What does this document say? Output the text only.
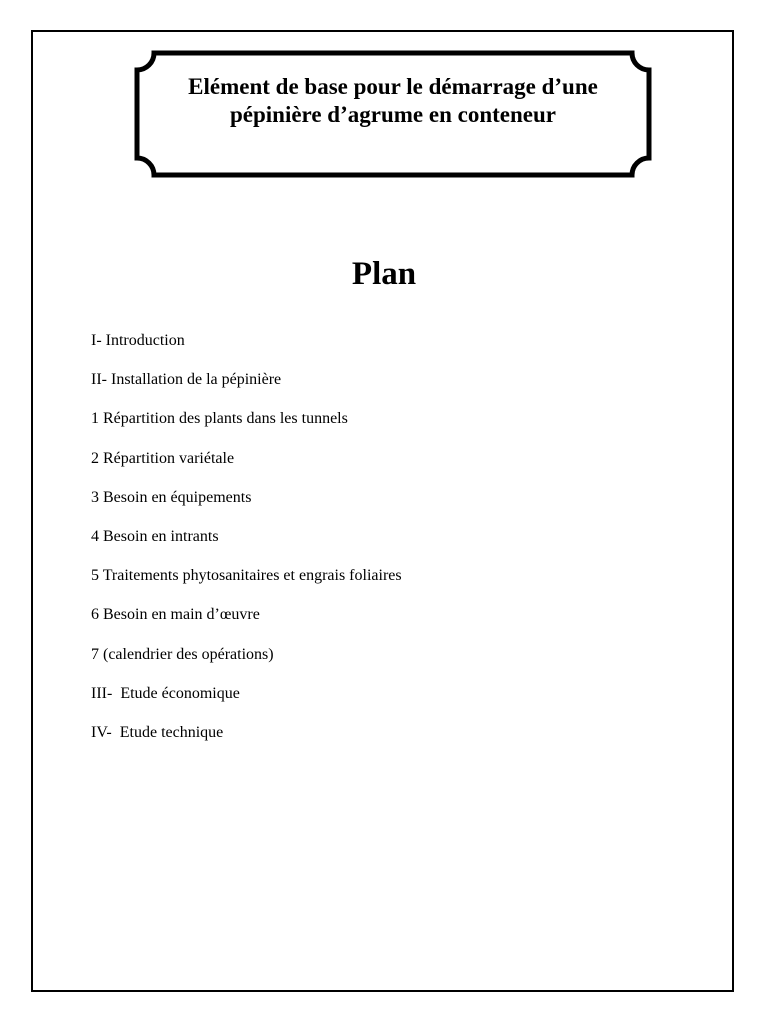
Elément de base pour le démarrage d’une
pépinière d’agrume en conteneur
Plan
I- Introduction
II- Installation de la pépinière
1 Répartition des plants dans les tunnels
2 Répartition variétale
3 Besoin en équipements
4 Besoin en intrants
5 Traitements phytosanitaires et engrais foliaires
6 Besoin en main d’œuvre
7 (calendrier des opérations)
III-  Etude économique
IV-  Etude technique
